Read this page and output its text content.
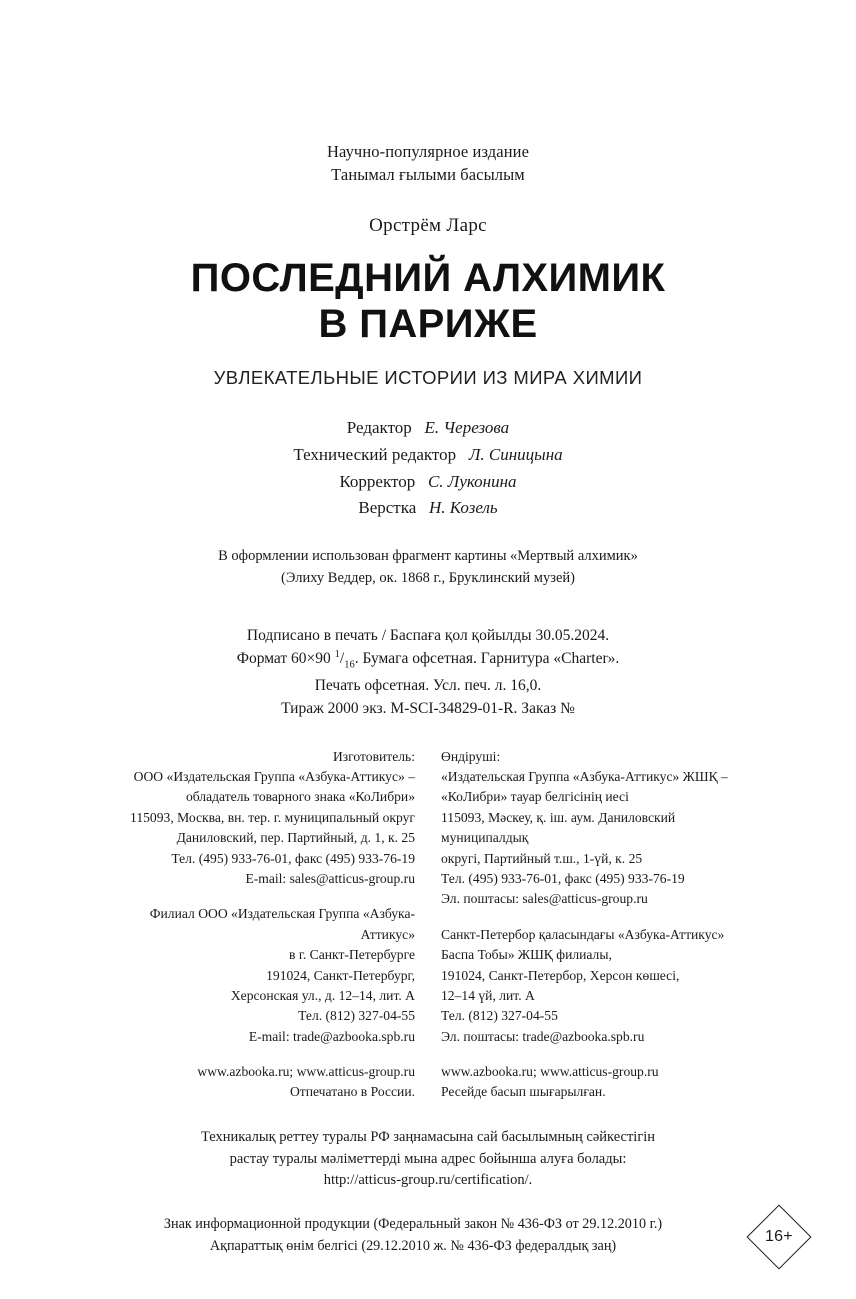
Научно-популярное издание
Танымал ғылыми басылым
Орстрём Ларс
ПОСЛЕДНИЙ АЛХИМИК
В ПАРИЖЕ
УВЛЕКАТЕЛЬНЫЕ ИСТОРИИ ИЗ МИРА ХИМИИ
Редактор Е. Черезова
Технический редактор Л. Синицына
Корректор С. Луконина
Верстка Н. Козель
В оформлении использован фрагмент картины «Мертвый алхимик»
(Элиху Веддер, ок. 1868 г., Бруклинский музей)
Подписано в печать / Баспаға қол қойылды 30.05.2024.
Формат 60×90 $^1/_{16}$. Бумага офсетная. Гарнитура «Charter».
Печать офсетная. Усл. печ. л. 16,0.
Тираж 2000 экз. M-SCI-34829-01-R. Заказ №
Изготовитель:
ООО «Издательская Группа «Азбука-Аттикус» –
обладатель товарного знака «КоЛибри»
115093, Москва, вн. тер. г. муниципальный округ
Даниловский, пер. Партийный, д. 1, к. 25
Тел. (495) 933-76-01, факс (495) 933-76-19
E-mail: sales@atticus-group.ru
Филиал ООО «Издательская Группа «Азбука-Аттикус»
в г. Санкт-Петербурге
191024, Санкт-Петербург,
Херсонская ул., д. 12–14, лит. А
Тел. (812) 327-04-55
E-mail: trade@azbooka.spb.ru
www.azbooka.ru; www.atticus-group.ru
Отпечатано в России.
Өндіруші:
«Издательская Группа «Азбука-Аттикус» ЖШҚ –
«КоЛибри» тауар белгісінің иесі
115093, Мәскеу, қ. іш. аум. Даниловский муниципалдық
округі, Партийный т.ш., 1-үй, к. 25
Тел. (495) 933-76-01, факс (495) 933-76-19
Эл. поштасы: sales@atticus-group.ru
Санкт-Петербор қаласындағы «Азбука-Аттикус»
Баспа Тобы» ЖШҚ филиалы,
191024, Санкт-Петербор, Херсон көшесі,
12–14 үй, лит. А
Тел. (812) 327-04-55
Эл. поштасы: trade@azbooka.spb.ru
www.azbooka.ru; www.atticus-group.ru
Ресейде басып шығарылған.
Техникалық реттеу туралы РФ заңнамасына сай басылымның сәйкестігін
растау туралы мәліметтерді мына адрес бойынша алуға болады:
http://atticus-group.ru/certification/.
Знак информационной продукции (Федеральный закон № 436-ФЗ от 29.12.2010 г.)
Ақпараттық өнім белгісі (29.12.2010 ж. № 436-ФЗ федералдық заң)
16+
